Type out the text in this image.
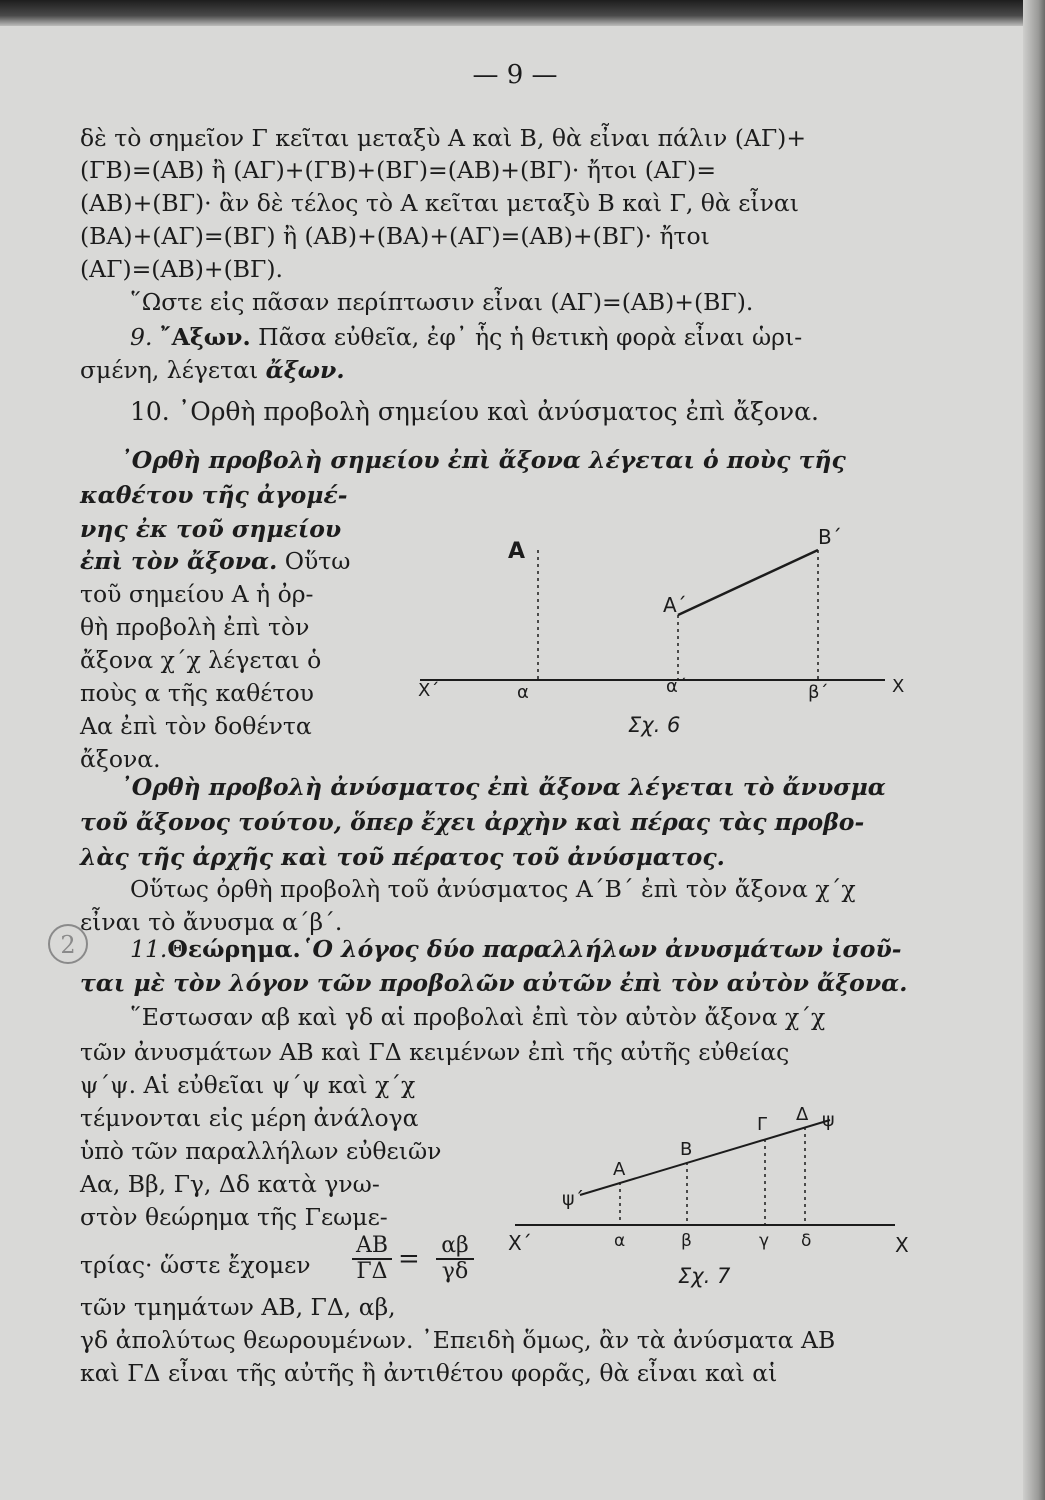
— 9 —
δὲ τὸ σημεῖον Γ κεῖται μεταξὺ Α καὶ Β, θὰ εἶναι πάλιν (ΑΓ)+
(ΓΒ)=(ΑΒ) ἢ (ΑΓ)+(ΓΒ)+(ΒΓ)=(ΑΒ)+(ΒΓ)· ἤτοι (ΑΓ)=
(ΑΒ)+(ΒΓ)· ἂν δὲ τέλος τὸ Α κεῖται μεταξὺ Β καὶ Γ, θὰ εἶναι
(ΒΑ)+(ΑΓ)=(ΒΓ) ἢ (ΑΒ)+(ΒΑ)+(ΑΓ)=(ΑΒ)+(ΒΓ)· ἤτοι
(ΑΓ)=(ΑΒ)+(ΒΓ).
῞Ωστε εἰς πᾶσαν περίπτωσιν εἶναι (ΑΓ)=(ΑΒ)+(ΒΓ).
9. ῎Αξων. Πᾶσα εὐθεῖα, ἐφ᾽ ἧς ἡ θετικὴ φορὰ εἶναι ὡρι-
σμένη, λέγεται ἄξων.
10. ᾽Ορθὴ προβολὴ σημείου καὶ ἀνύσματος ἐπὶ ἄξονα.
᾽Ορθὴ προβολὴ σημείου ἐπὶ ἄξονα λέγεται ὁ ποὺς τῆς
καθέτου τῆς ἀγομέ-
νης ἐκ τοῦ σημείου
ἐπὶ τὸν ἄξονα. Οὕτω
τοῦ σημείου Α ἡ ὀρ-
θὴ προβολὴ ἐπὶ τὸν
ἄξονα χ΄χ λέγεται ὁ
ποὺς α τῆς καθέτου
Αα ἐπὶ τὸν δοθέντα
ἄξονα.
A
A΄
B΄
X΄	X
α	α΄	β΄
Σχ. 6
᾽Ορθὴ προβολὴ ἀνύσματος ἐπὶ ἄξονα λέγεται τὸ ἄνυσμα
τοῦ ἄξονος τούτου, ὅπερ ἔχει ἀρχὴν καὶ πέρας τὰς προβο-
λὰς τῆς ἀρχῆς καὶ τοῦ πέρατος τοῦ ἀνύσματος.
Οὕτως ὀρθὴ προβολὴ τοῦ ἀνύσματος Α΄Β΄ ἐπὶ τὸν ἄξονα χ΄χ
εἶναι τὸ ἄνυσμα α΄β΄.
2	11.Θεώρημα.῾Ο λόγος δύο παραλλήλων ἀνυσμάτων ἰσοῦ-
ται μὲ τὸν λόγον τῶν προβολῶν αὐτῶν ἐπὶ τὸν αὐτὸν ἄξονα.
῞Εστωσαν αβ καὶ γδ αἱ προβολαὶ ἐπὶ τὸν αὐτὸν ἄξονα χ΄χ
τῶν ἀνυσμάτων ΑΒ καὶ ΓΔ κειμένων ἐπὶ τῆς αὐτῆς εὐθείας
ψ΄ψ. Αἱ εὐθεῖαι ψ΄ψ καὶ χ΄χ
τέμνονται εἰς μέρη ἀνάλογα
ὑπὸ τῶν παραλλήλων εὐθειῶν
Αα, Ββ, Γγ, Δδ κατὰ γνω-
στὸν θεώρημα τῆς Γεωμε-
τρίας· ὥστε ἔχομεν $\frac{AB}{\Gamma\Delta} = \frac{\alpha\beta}{\gamma\delta}$
τῶν τμημάτων ΑΒ, ΓΔ, αβ,
γδ ἀπολύτως θεωρουμένων. ᾽Επειδὴ ὅμως, ἂν τὰ ἀνύσματα ΑΒ
καὶ ΓΔ εἶναι τῆς αὐτῆς ἢ ἀντιθέτου φορᾶς, θὰ εἶναι καὶ αἱ
ψ΄
ψ
A
B
Γ Δ
X΄	X
α	β	γ δ
Σχ. 7
